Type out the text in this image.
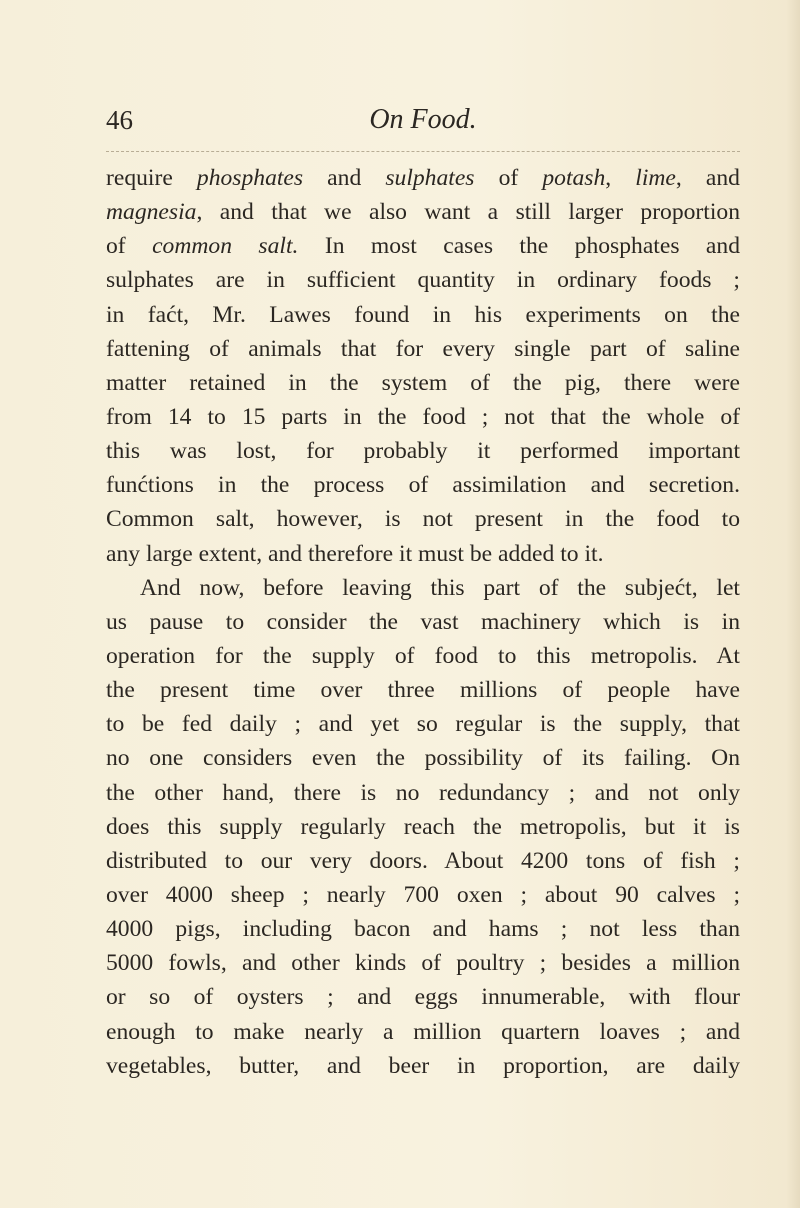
46	On Food.
require phosphates and sulphates of potash, lime, and
magnesia, and that we also want a still larger proportion
of common salt. In most cases the phosphates and
sulphates are in sufficient quantity in ordinary foods ;
in faćt, Mr. Lawes found in his experiments on the
fattening of animals that for every single part of saline
matter retained in the system of the pig, there were
from 14 to 15 parts in the food ; not that the whole of
this was lost, for probably it performed important
funćtions in the process of assimilation and secretion.
Common salt, however, is not present in the food to
any large extent, and therefore it must be added to it.
And now, before leaving this part of the subjećt, let
us pause to consider the vast machinery which is in
operation for the supply of food to this metropolis. At
the present time over three millions of people have
to be fed daily ; and yet so regular is the supply, that
no one considers even the possibility of its failing. On
the other hand, there is no redundancy ; and not only
does this supply regularly reach the metropolis, but it is
distributed to our very doors. About 4200 tons of fish ;
over 4000 sheep ; nearly 700 oxen ; about 90 calves ;
4000 pigs, including bacon and hams ; not less than
5000 fowls, and other kinds of poultry ; besides a million
or so of oysters ; and eggs innumerable, with flour
enough to make nearly a million quartern loaves ; and
vegetables, butter, and beer in proportion, are daily
